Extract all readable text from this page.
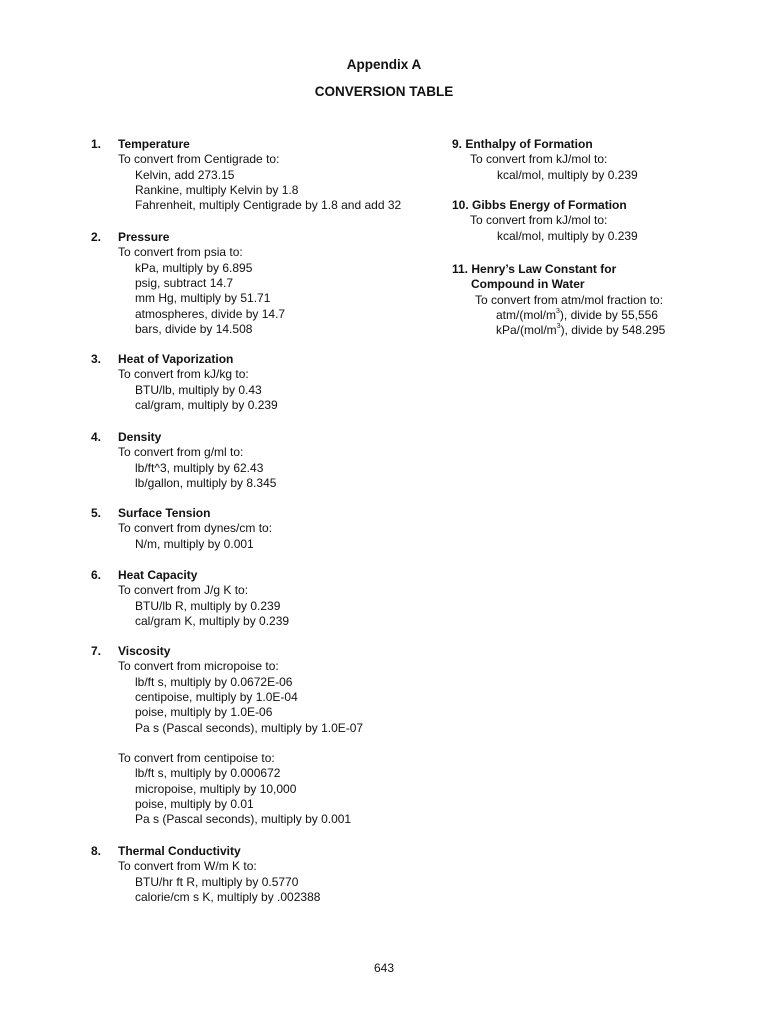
Appendix A
CONVERSION TABLE
1. Temperature
To convert from Centigrade to:
Kelvin, add 273.15
Rankine, multiply Kelvin by 1.8
Fahrenheit, multiply Centigrade by 1.8 and add 32
2. Pressure
To convert from psia to:
kPa, multiply by 6.895
psig, subtract 14.7
mm Hg, multiply by 51.71
atmospheres, divide by 14.7
bars, divide by 14.508
3. Heat of Vaporization
To convert from kJ/kg to:
BTU/lb, multiply by 0.43
cal/gram, multiply by 0.239
4. Density
To convert from g/ml to:
lb/ft^3, multiply by 62.43
lb/gallon, multiply by 8.345
5. Surface Tension
To convert from dynes/cm to:
N/m, multiply by 0.001
6. Heat Capacity
To convert from J/g K to:
BTU/lb R, multiply by 0.239
cal/gram K, multiply by 0.239
7. Viscosity
To convert from micropoise to:
lb/ft s, multiply by 0.0672E-06
centipoise, multiply by 1.0E-04
poise, multiply by 1.0E-06
Pa s (Pascal seconds), multiply by 1.0E-07
To convert from centipoise to:
lb/ft s, multiply by 0.000672
micropoise, multiply by 10,000
poise, multiply by 0.01
Pa s (Pascal seconds), multiply by 0.001
8. Thermal Conductivity
To convert from W/m K to:
BTU/hr ft R, multiply by 0.5770
calorie/cm s K, multiply by .002388
9. Enthalpy of Formation
To convert from kJ/mol to:
kcal/mol, multiply by 0.239
10. Gibbs Energy of Formation
To convert from kJ/mol to:
kcal/mol, multiply by 0.239
11. Henry’s Law Constant for
Compound in Water
To convert from atm/mol fraction to:
atm/$(mol/m^3)$, divide by 55,556
kPa/$(mol/m^3)$, divide by 548.295
643
